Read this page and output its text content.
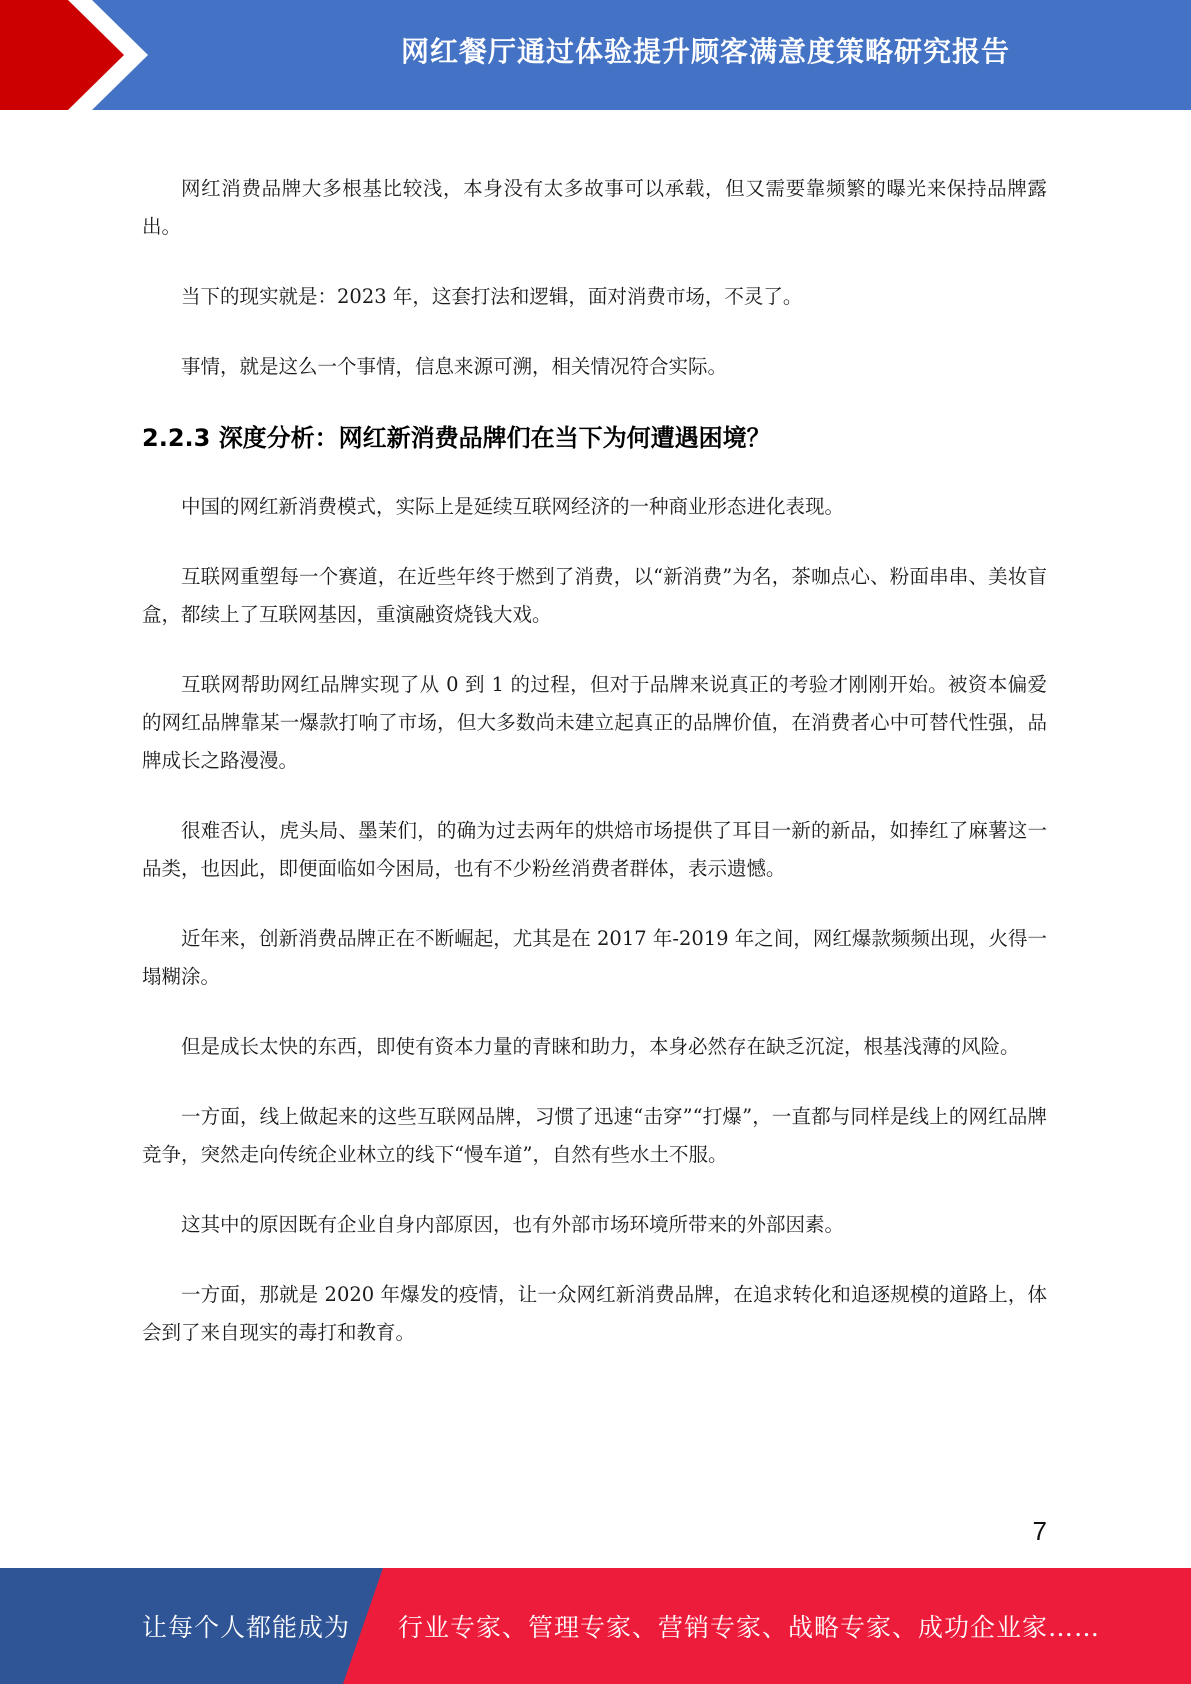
网红餐厅通过体验提升顾客满意度策略研究报告

网红消费品牌大多根基比较浅，本身没有太多故事可以承载，但又需要靠频繁的曝光来保持品牌露出。

当下的现实就是：2023 年，这套打法和逻辑，面对消费市场，不灵了。

事情，就是这么一个事情，信息来源可溯，相关情况符合实际。

2.2.3 深度分析：网红新消费品牌们在当下为何遭遇困境？

中国的网红新消费模式，实际上是延续互联网经济的一种商业形态进化表现。

互联网重塑每一个赛道，在近些年终于燃到了消费，以“新消费”为名，茶咖点心、粉面串串、美妆盲盒，都续上了互联网基因，重演融资烧钱大戏。

互联网帮助网红品牌实现了从 0 到 1 的过程，但对于品牌来说真正的考验才刚刚开始。被资本偏爱的网红品牌靠某一爆款打响了市场，但大多数尚未建立起真正的品牌价值，在消费者心中可替代性强，品牌成长之路漫漫。

很难否认，虎头局、墨茉们，的确为过去两年的烘焙市场提供了耳目一新的新品，如捧红了麻薯这一品类，也因此，即便面临如今困局，也有不少粉丝消费者群体，表示遗憾。

近年来，创新消费品牌正在不断崛起，尤其是在 2017 年-2019 年之间，网红爆款频频出现，火得一塌糊涂。

但是成长太快的东西，即使有资本力量的青睐和助力，本身必然存在缺乏沉淀，根基浅薄的风险。

一方面，线上做起来的这些互联网品牌，习惯了迅速“击穿”“打爆”，一直都与同样是线上的网红品牌竞争，突然走向传统企业林立的线下“慢车道”，自然有些水土不服。

这其中的原因既有企业自身内部原因，也有外部市场环境所带来的外部因素。

一方面，那就是 2020 年爆发的疫情，让一众网红新消费品牌，在追求转化和追逐规模的道路上，体会到了来自现实的毒打和教育。

7
让每个人都能成为 行业专家、管理专家、营销专家、战略专家、成功企业家……
